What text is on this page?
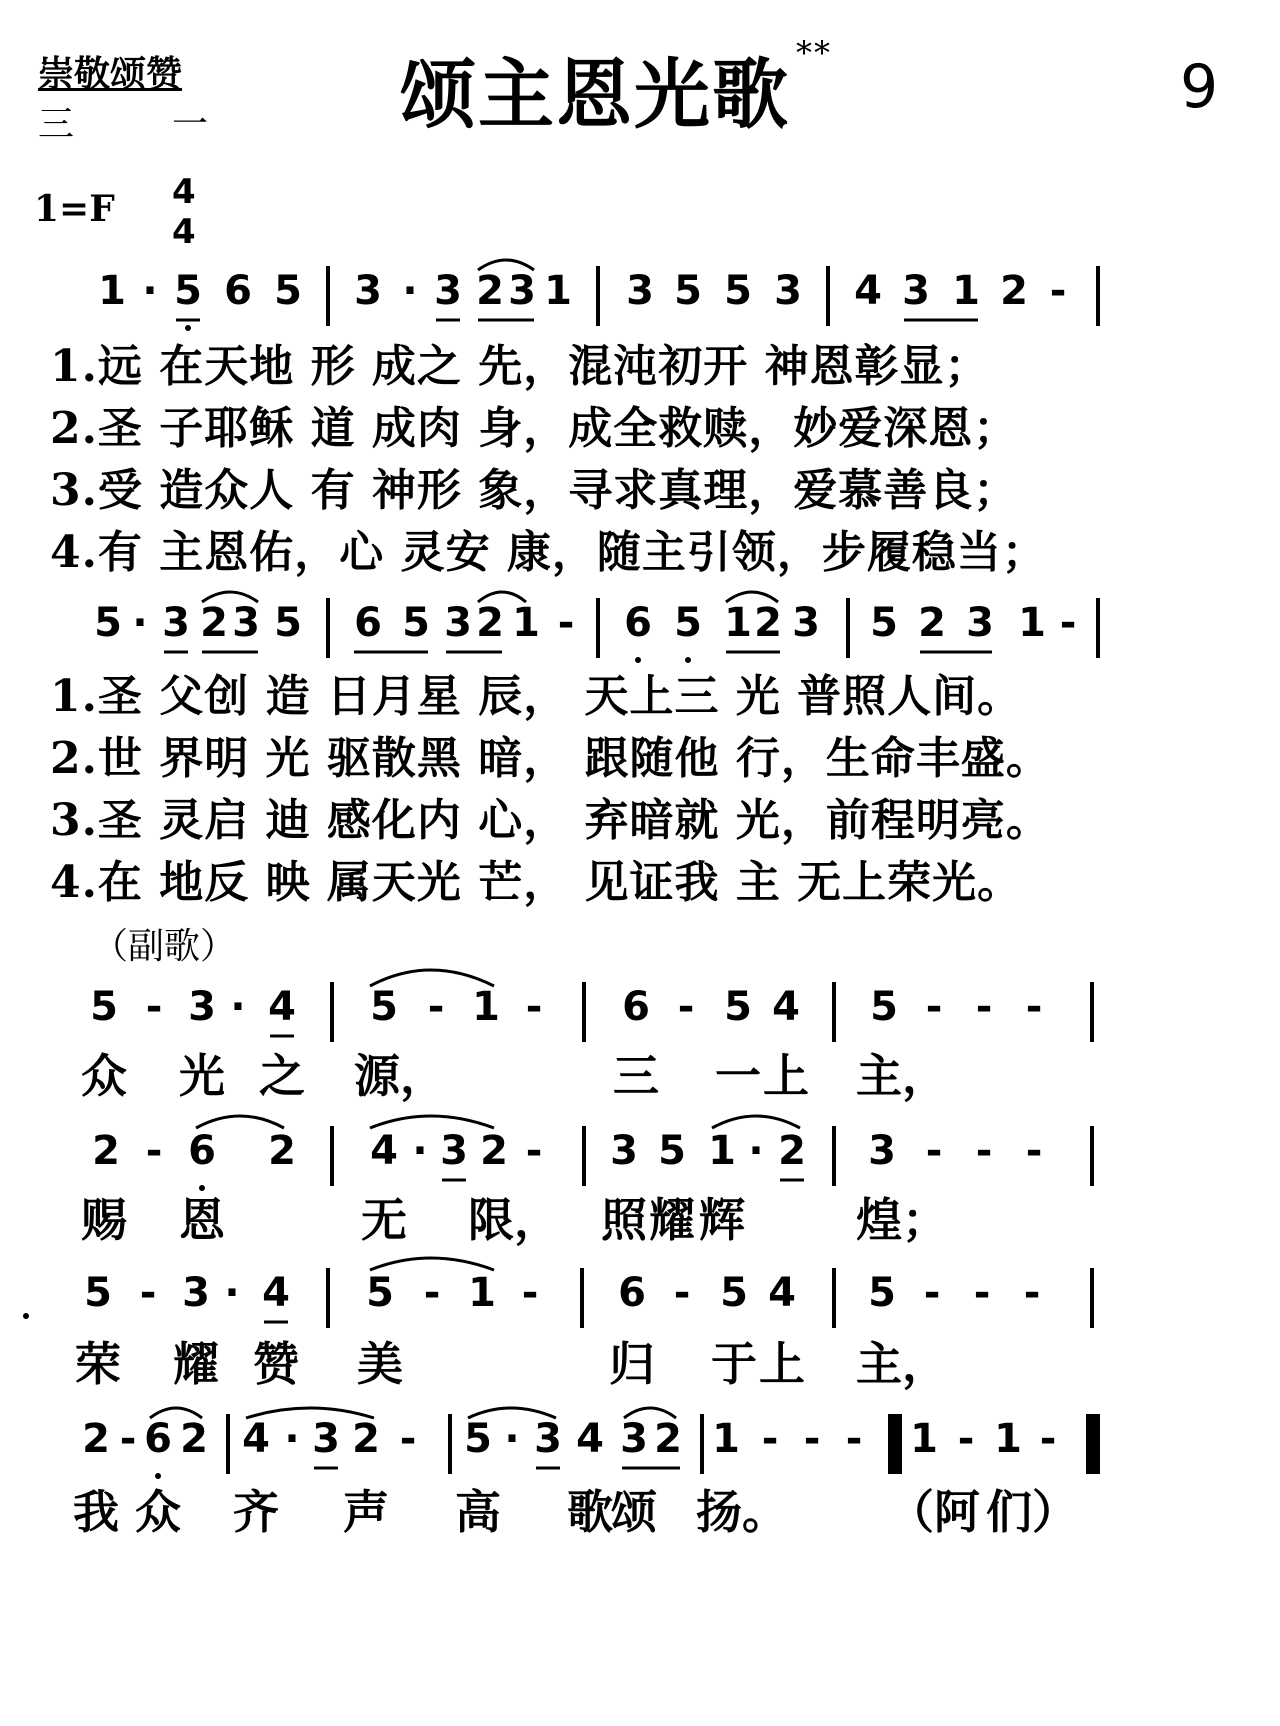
崇敬颂赞
三	一	颂主恩光歌 **	9
1=F 4
4
1 · 5 6 5 3 · 3 2 3 1 3 5 5 3 4 3 1 2 -
1.远 在天地 形 成之 先，混沌初开 神恩彰显；
2.圣 子耶稣 道 成肉 身，成全救赎，妙爱深恩；
3.受 造众人 有 神形 象，寻求真理，爱慕善良；
4.有 主恩佑，心 灵安 康，随主引领，步履稳当；
5 · 3 2 3 5 6 5 3 2 1 - 6 5 1 2 3 5 2 3 1 -
1.圣 父创 造 日月星 辰， 天上三 光 普照人间。
2.世 界明 光 驱散黑 暗， 跟随他 行，生命丰盛。
3.圣 灵启 迪 感化内 心， 弃暗就 光，前程明亮。
4.在 地反 映 属天光 芒， 见证我 主 无上荣光。
（副歌）
5 - 3 · 4 5 - 1 - 6 - 5 4 5 - - -
众 光 之 源，	三 一 上 主，
2 - 6 2 4 · 3 2 - 3 5 1 · 2 3 - - -
赐 恩	无 限， 照 耀 辉 煌；
5 - 3 · 4 5 - 1 - 6 - 5 4 5 - - -
荣 耀 赞 美	归 于 上 主，
2 - 6 2 4 · 3 2 - 5 · 3 4 3 2 1 - - - 1 - 1 -
我 众 齐 声 高 歌
颂 扬。 （阿 们）
